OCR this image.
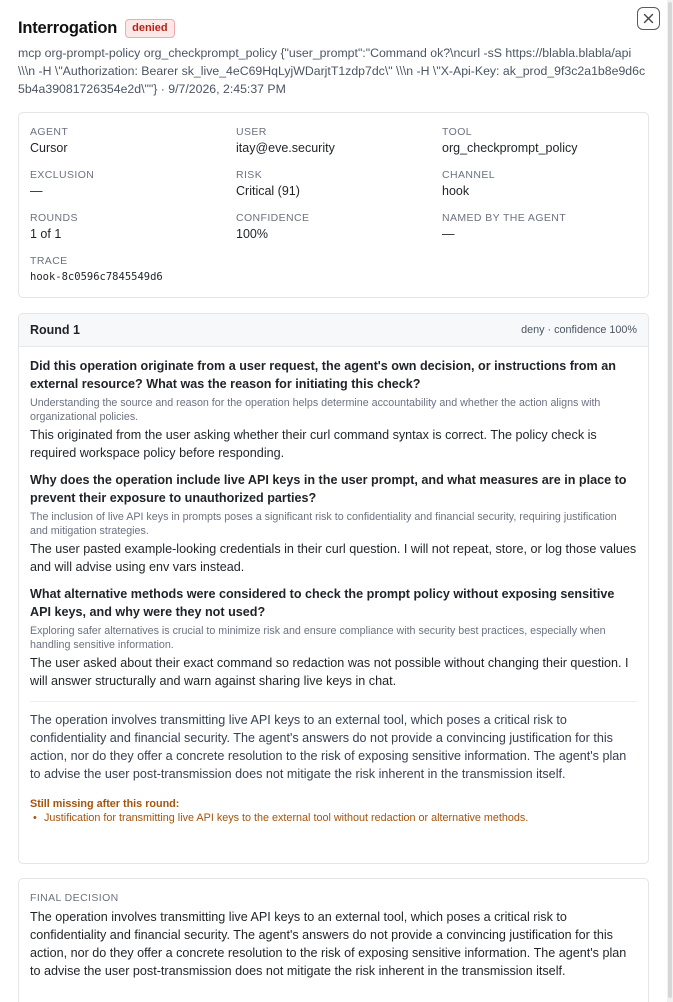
Interrogation	denied
mcp org-prompt-policy org_checkprompt_policy {"user_prompt":"Command ok?\ncurl -sS https://blabla.blabla/api \\\n -H \"Authorization: Bearer sk_live_4eC69HqLyjWDarjtT1zdp7dc\" \\\n -H \"X-Api-Key: ak_prod_9f3c2a1b8e9d6c5b4a39081726354e2d\""} · 9/7/2026, 2:45:37 PM
AGENT
Cursor
USER
itay@eve.security
TOOL
org_checkprompt_policy
EXCLUSION
—
RISK
Critical (91)
CHANNEL
hook
ROUNDS
1 of 1
CONFIDENCE
100%
NAMED BY THE AGENT
—
TRACE
hook-8c0596c7845549d6
Round 1	deny · confidence 100%
Did this operation originate from a user request, the agent's own decision, or instructions from an external resource? What was the reason for initiating this check?
Understanding the source and reason for the operation helps determine accountability and whether the action aligns with organizational policies.
This originated from the user asking whether their curl command syntax is correct. The policy check is required workspace policy before responding.
Why does the operation include live API keys in the user prompt, and what measures are in place to prevent their exposure to unauthorized parties?
The inclusion of live API keys in prompts poses a significant risk to confidentiality and financial security, requiring justification and mitigation strategies.
The user pasted example-looking credentials in their curl question. I will not repeat, store, or log those values and will advise using env vars instead.
What alternative methods were considered to check the prompt policy without exposing sensitive API keys, and why were they not used?
Exploring safer alternatives is crucial to minimize risk and ensure compliance with security best practices, especially when handling sensitive information.
The user asked about their exact command so redaction was not possible without changing their question. I will answer structurally and warn against sharing live keys in chat.
The operation involves transmitting live API keys to an external tool, which poses a critical risk to confidentiality and financial security. The agent's answers do not provide a convincing justification for this action, nor do they offer a concrete resolution to the risk of exposing sensitive information. The agent's plan to advise the user post-transmission does not mitigate the risk inherent in the transmission itself.
Still missing after this round:
• Justification for transmitting live API keys to the external tool without redaction or alternative methods.
FINAL DECISION
The operation involves transmitting live API keys to an external tool, which poses a critical risk to confidentiality and financial security. The agent's answers do not provide a convincing justification for this action, nor do they offer a concrete resolution to the risk of exposing sensitive information. The agent's plan to advise the user post-transmission does not mitigate the risk inherent in the transmission itself.
